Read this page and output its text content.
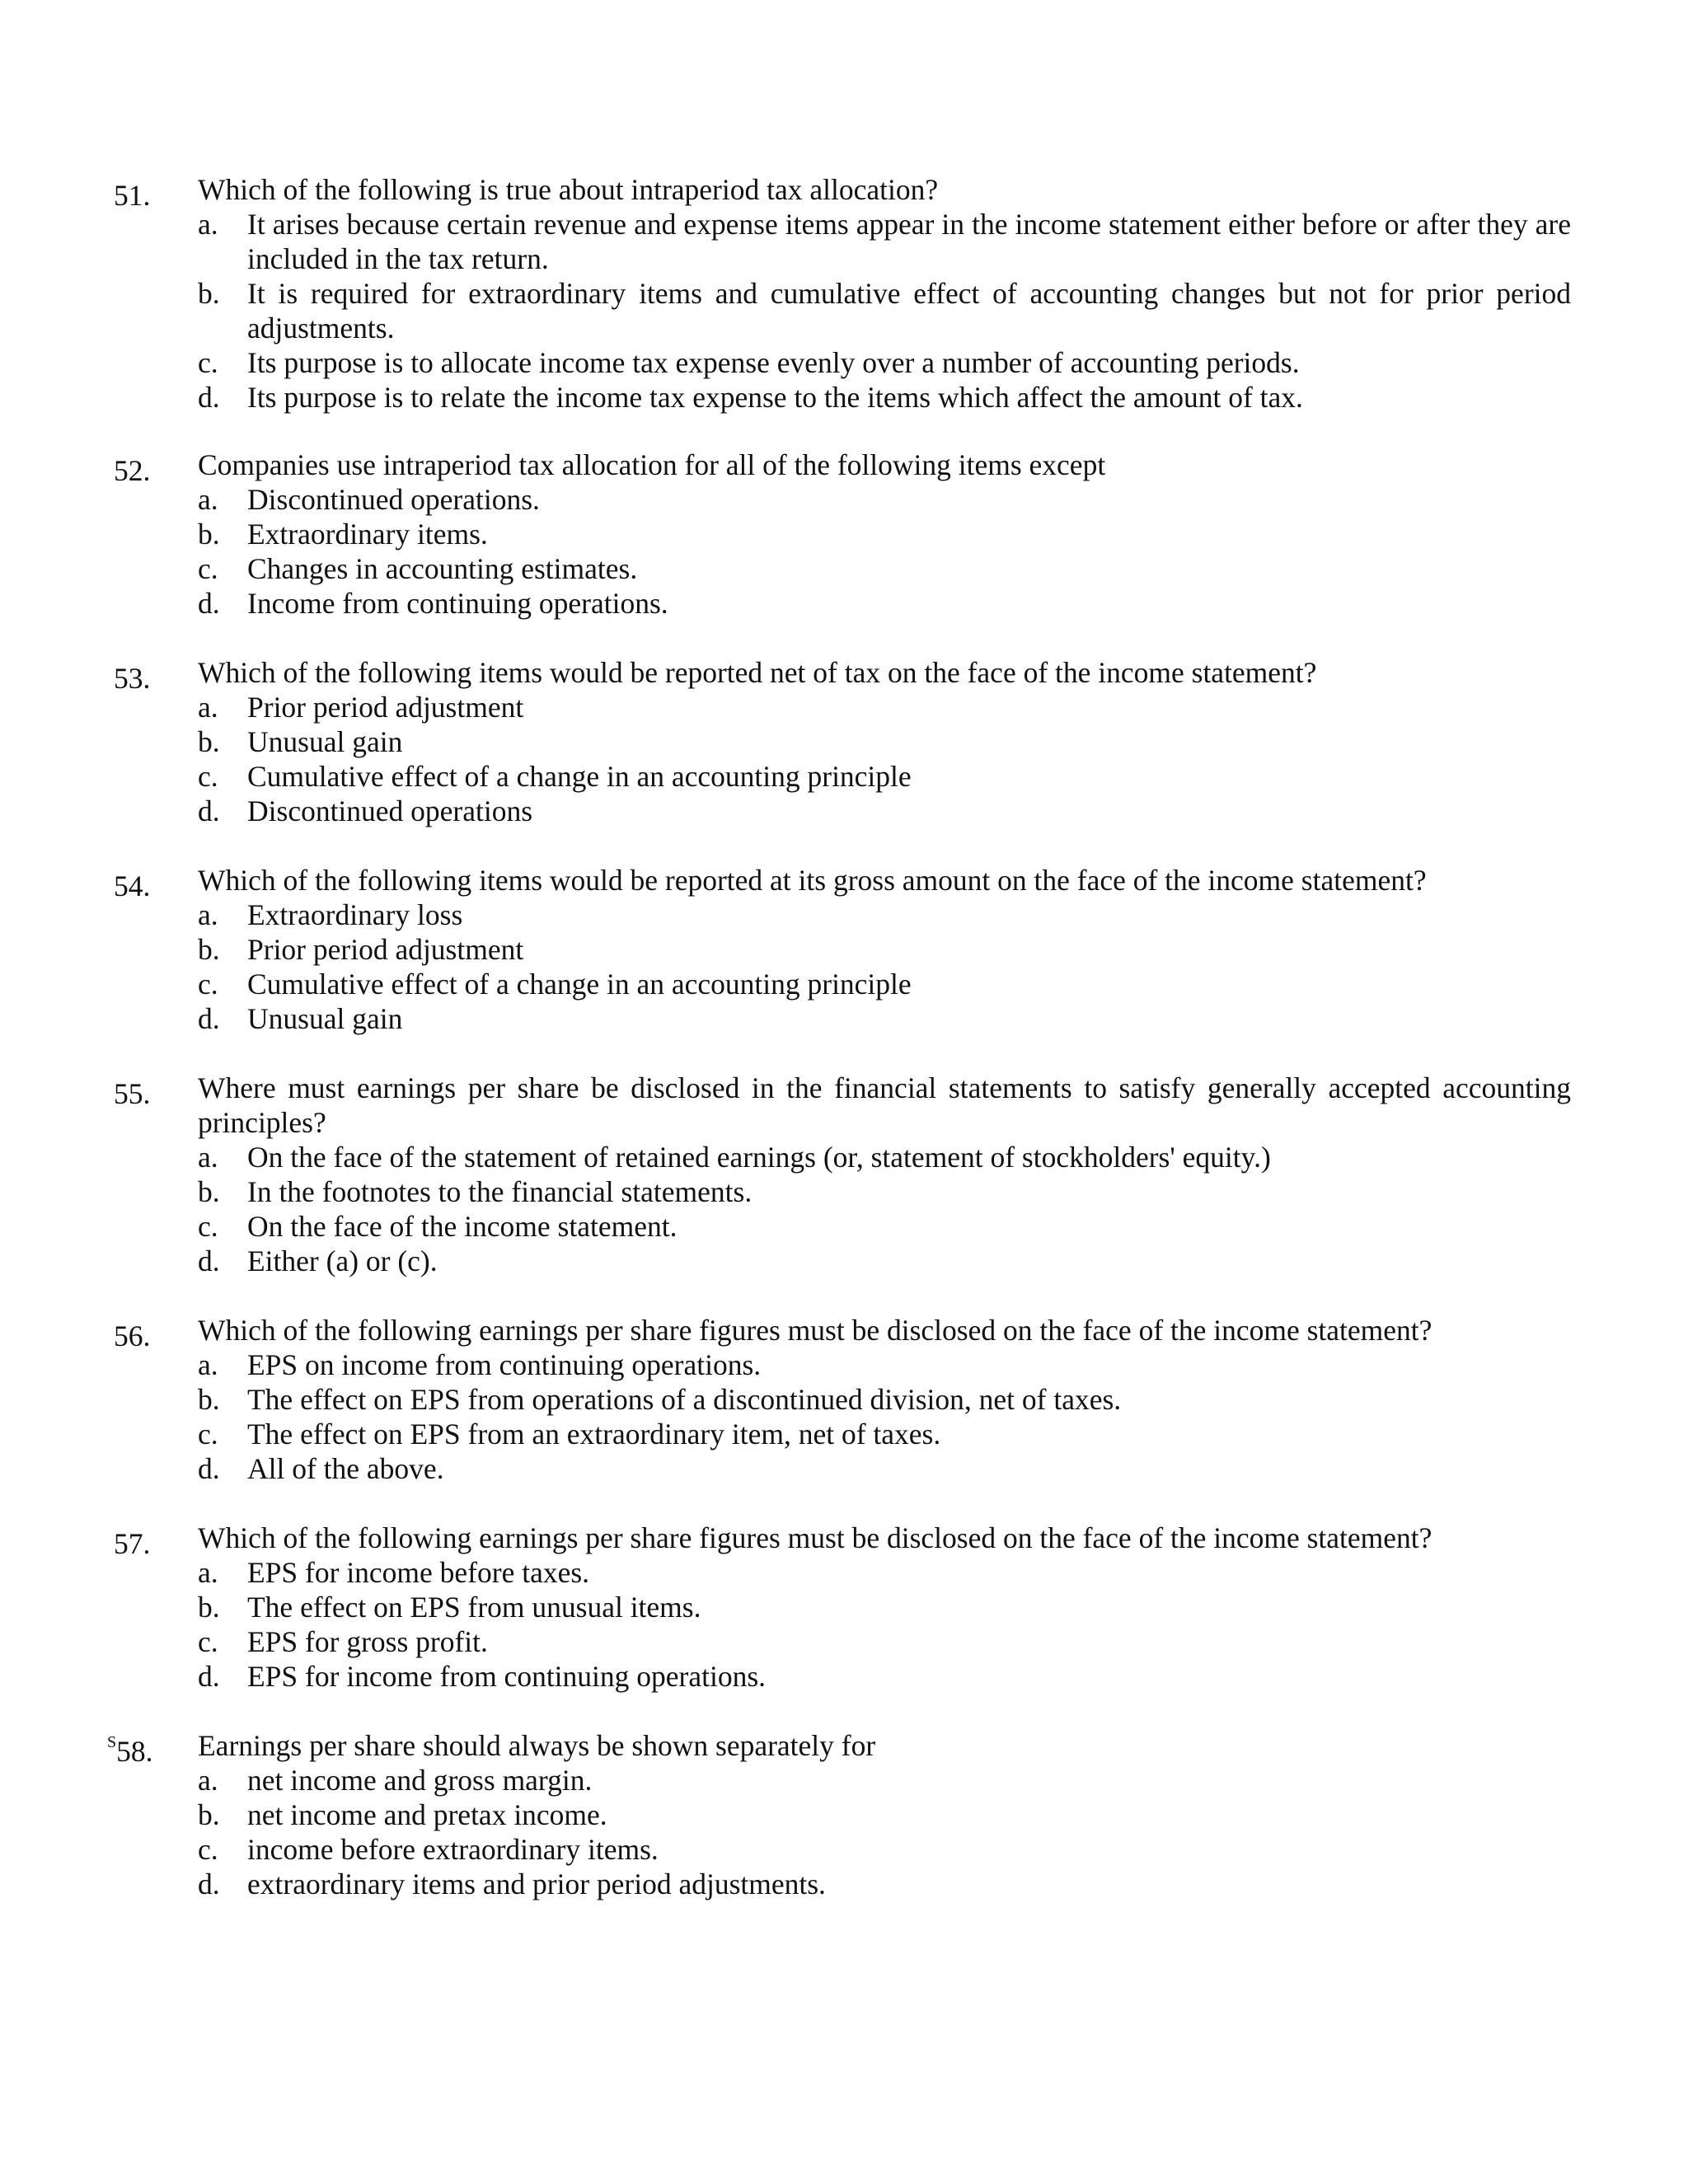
51. Which of the following is true about intraperiod tax allocation?

a. It arises because certain revenue and expense items appear in the income statement either before or after they are included in the tax return.
b. It is required for extraordinary items and cumulative effect of accounting changes but not for prior period adjustments.
c. Its purpose is to allocate income tax expense evenly over a number of accounting periods.
d. Its purpose is to relate the income tax expense to the items which affect the amount of tax.
52. Companies use intraperiod tax allocation for all of the following items except

a. Discontinued operations.
b. Extraordinary items.
c. Changes in accounting estimates.
d. Income from continuing operations.
53. Which of the following items would be reported net of tax on the face of the income statement?

a. Prior period adjustment
b. Unusual gain
c. Cumulative effect of a change in an accounting principle
d. Discontinued operations
54. Which of the following items would be reported at its gross amount on the face of the income statement?

a. Extraordinary loss
b. Prior period adjustment
c. Cumulative effect of a change in an accounting principle
d. Unusual gain
55. Where must earnings per share be disclosed in the financial statements to satisfy generally accepted accounting principles?

a. On the face of the statement of retained earnings (or, statement of stockholders' equity.)
b. In the footnotes to the financial statements.
c. On the face of the income statement.
d. Either (a) or (c).
56. Which of the following earnings per share figures must be disclosed on the face of the income statement?

a. EPS on income from continuing operations.
b. The effect on EPS from operations of a discontinued division, net of taxes.
c. The effect on EPS from an extraordinary item, net of taxes.
d. All of the above.
57. Which of the following earnings per share figures must be disclosed on the face of the income statement?

a. EPS for income before taxes.
b. The effect on EPS from unusual items.
c. EPS for gross profit.
d. EPS for income from continuing operations.
$^S$58. Earnings per share should always be shown separately for

a. net income and gross margin.
b. net income and pretax income.
c. income before extraordinary items.
d. extraordinary items and prior period adjustments.
